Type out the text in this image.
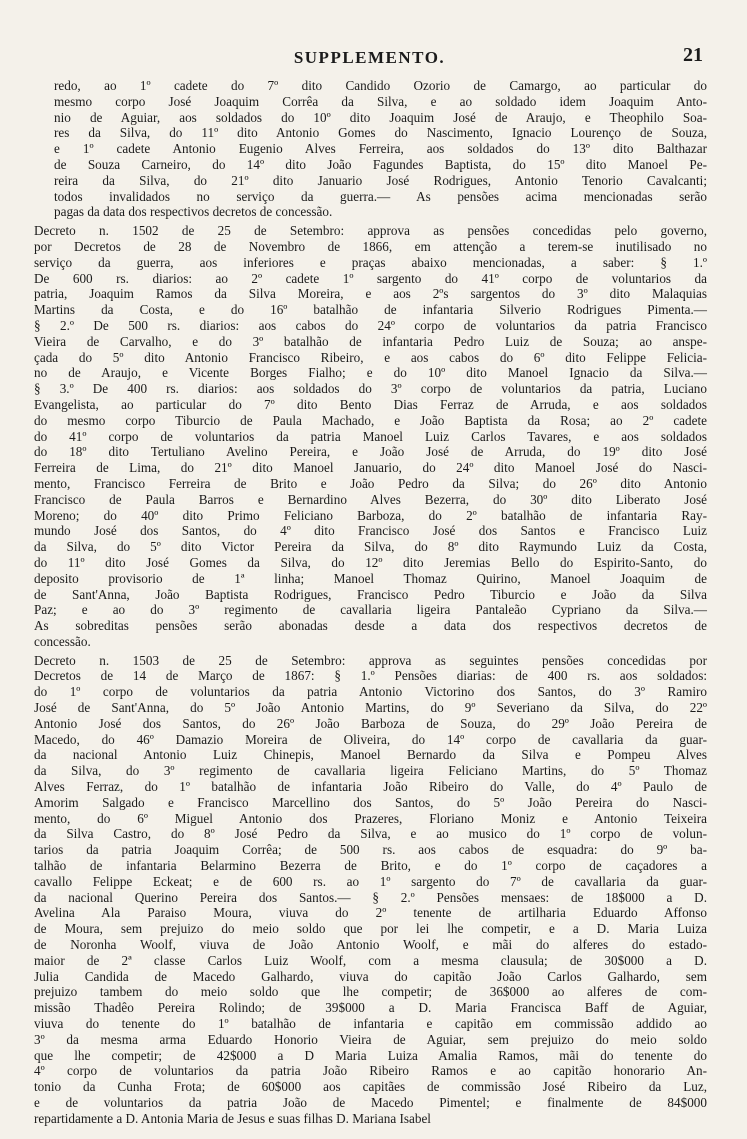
SUPPLEMENTO.	21
redo, ao 1º cadete do 7º dito Candido Ozorio de Camargo, ao particular do
mesmo corpo José Joaquim Corrêa da Silva, e ao soldado idem Joaquim Anto-
nio de Aguiar, aos soldados do 10º dito Joaquim José de Araujo, e Theophilo Soa-
res da Silva, do 11º dito Antonio Gomes do Nascimento, Ignacio Lourenço de Souza,
e 1º cadete Antonio Eugenio Alves Ferreira, aos soldados do 13º dito Balthazar
de Souza Carneiro, do 14º dito João Fagundes Baptista, do 15º dito Manoel Pe-
reira da Silva, do 21º dito Januario José Rodrigues, Antonio Tenorio Cavalcanti;
todos invalidados no serviço da guerra.— As pensões acima mencionadas serão
pagas da data dos respectivos decretos de concessão.
Decreto n. 1502 de 25 de Setembro: approva as pensões concedidas pelo governo,
por Decretos de 28 de Novembro de 1866, em attenção a terem-se inutilisado no
serviço da guerra, aos inferiores e praças abaixo mencionadas, a saber: § 1.º
De 600 rs. diarios: ao 2º cadete 1º sargento do 41º corpo de voluntarios da
patria, Joaquim Ramos da Silva Moreira, e aos 2ºs sargentos do 3º dito Malaquias
Martins da Costa, e do 16º batalhão de infantaria Silverio Rodrigues Pimenta.—
§ 2.º De 500 rs. diarios: aos cabos do 24º corpo de voluntarios da patria Francisco
Vieira de Carvalho, e do 3º batalhão de infantaria Pedro Luiz de Souza; ao anspe-
çada do 5º dito Antonio Francisco Ribeiro, e aos cabos do 6º dito Felippe Felicia-
no de Araujo, e Vicente Borges Fialho; e do 10º dito Manoel Ignacio da Silva.—
§ 3.º De 400 rs. diarios: aos soldados do 3º corpo de voluntarios da patria, Luciano
Evangelista, ao particular do 7º dito Bento Dias Ferraz de Arruda, e aos soldados
do mesmo corpo Tiburcio de Paula Machado, e João Baptista da Rosa; ao 2º cadete
do 41º corpo de voluntarios da patria Manoel Luiz Carlos Tavares, e aos soldados
do 18º dito Tertuliano Avelino Pereira, e João José de Arruda, do 19º dito José
Ferreira de Lima, do 21º dito Manoel Januario, do 24º dito Manoel José do Nasci-
mento, Francisco Ferreira de Brito e João Pedro da Silva; do 26º dito Antonio
Francisco de Paula Barros e Bernardino Alves Bezerra, do 30º dito Liberato José
Moreno; do 40º dito Primo Feliciano Barboza, do 2º batalhão de infantaria Ray-
mundo José dos Santos, do 4º dito Francisco José dos Santos e Francisco Luiz
da Silva, do 5º dito Victor Pereira da Silva, do 8º dito Raymundo Luiz da Costa,
do 11º dito José Gomes da Silva, do 12º dito Jeremias Bello do Espirito-Santo, do
deposito provisorio de 1ª linha; Manoel Thomaz Quirino, Manoel Joaquim de
de Sant'Anna, João Baptista Rodrigues, Francisco Pedro Tiburcio e João da Silva
Paz; e ao do 3º regimento de cavallaria ligeira Pantaleão Cypriano da Silva.—
As sobreditas pensões serão abonadas desde a data dos respectivos decretos de
concessão.
Decreto n. 1503 de 25 de Setembro: approva as seguintes pensões concedidas por
Decretos de 14 de Março de 1867: § 1.º Pensões diarias: de 400 rs. aos soldados:
do 1º corpo de voluntarios da patria Antonio Victorino dos Santos, do 3º Ramiro
José de Sant'Anna, do 5º João Antonio Martins, do 9º Severiano da Silva, do 22º
Antonio José dos Santos, do 26º João Barboza de Souza, do 29º João Pereira de
Macedo, do 46º Damazio Moreira de Oliveira, do 14º corpo de cavallaria da guar-
da nacional Antonio Luiz Chinepis, Manoel Bernardo da Silva e Pompeu Alves
da Silva, do 3º regimento de cavallaria ligeira Feliciano Martins, do 5º Thomaz
Alves Ferraz, do 1º batalhão de infantaria João Ribeiro do Valle, do 4º Paulo de
Amorim Salgado e Francisco Marcellino dos Santos, do 5º João Pereira do Nasci-
mento, do 6º Miguel Antonio dos Prazeres, Floriano Moniz e Antonio Teixeira
da Silva Castro, do 8º José Pedro da Silva, e ao musico do 1º corpo de volun-
tarios da patria Joaquim Corrêa; de 500 rs. aos cabos de esquadra: do 9º ba-
talhão de infantaria Belarmino Bezerra de Brito, e do 1º corpo de caçadores a
cavallo Felippe Eckeat; e de 600 rs. ao 1º sargento do 7º de cavallaria da guar-
da nacional Querino Pereira dos Santos.— § 2.º Pensões mensaes: de 18$000 a D.
Avelina Ala Paraiso Moura, viuva do 2º tenente de artilharia Eduardo Affonso
de Moura, sem prejuizo do meio soldo que por lei lhe competir, e a D. Maria Luiza
de Noronha Woolf, viuva de João Antonio Woolf, e mãi do alferes do estado-
maior de 2ª classe Carlos Luiz Woolf, com a mesma clausula; de 30$000 a D.
Julia Candida de Macedo Galhardo, viuva do capitão João Carlos Galhardo, sem
prejuizo tambem do meio soldo que lhe competir; de 36$000 ao alferes de com-
missão Thadêo Pereira Rolindo; de 39$000 a D. Maria Francisca Baff de Aguiar,
viuva do tenente do 1º batalhão de infantaria e capitão em commissão addido ao
3º da mesma arma Eduardo Honorio Vieira de Aguiar, sem prejuizo do meio soldo
que lhe competir; de 42$000 a D Maria Luiza Amalia Ramos, mãi do tenente do
4º corpo de voluntarios da patria João Ribeiro Ramos e ao capitão honorario An-
tonio da Cunha Frota; de 60$000 aos capitães de commissão José Ribeiro da Luz,
e de voluntarios da patria João de Macedo Pimentel; e finalmente de 84$000
repartidamente a D. Antonia Maria de Jesus e suas filhas D. Mariana Isabel
